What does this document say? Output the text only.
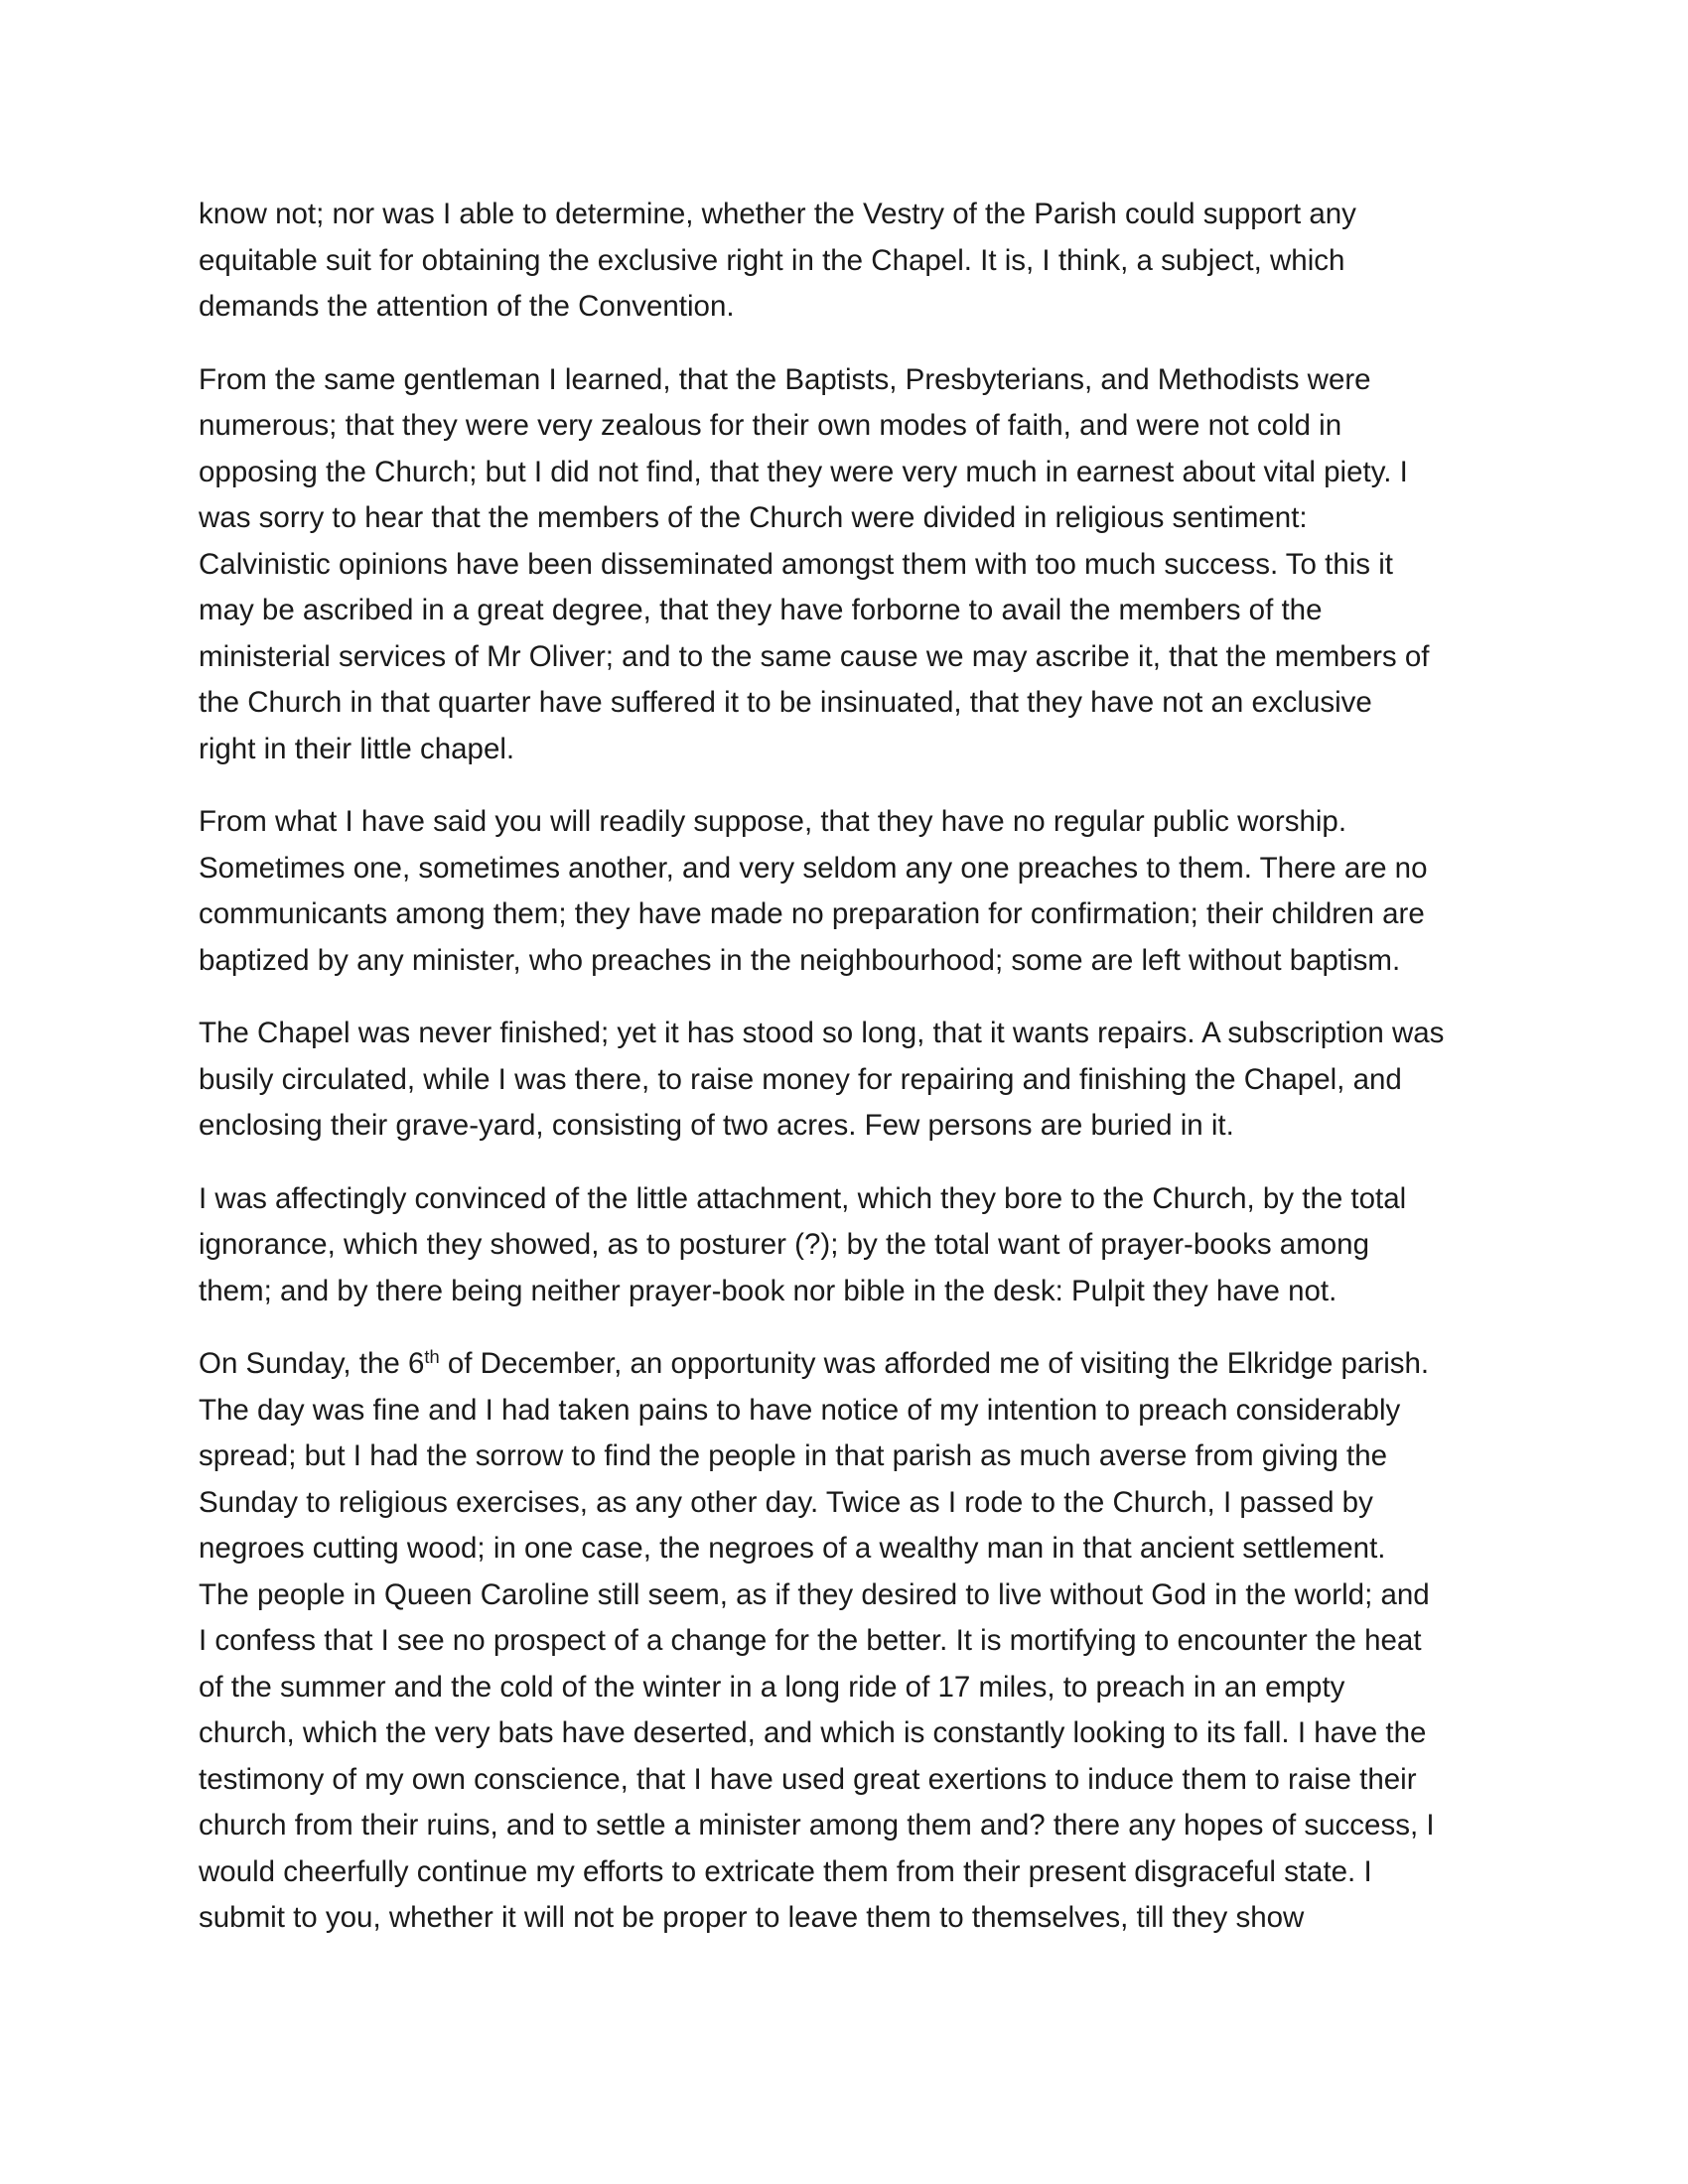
know not; nor was I able to determine, whether the Vestry of the Parish could support any
equitable suit for obtaining the exclusive right in the Chapel. It is, I think, a subject, which
demands the attention of the Convention.

From the same gentleman I learned, that the Baptists, Presbyterians, and Methodists were
numerous; that they were very zealous for their own modes of faith, and were not cold in
opposing the Church; but I did not find, that they were very much in earnest about vital piety. I
was sorry to hear that the members of the Church were divided in religious sentiment:
Calvinistic opinions have been disseminated amongst them with too much success. To this it
may be ascribed in a great degree, that they have forborne to avail the members of the
ministerial services of Mr Oliver; and to the same cause we may ascribe it, that the members of
the Church in that quarter have suffered it to be insinuated, that they have not an exclusive
right in their little chapel.

From what I have said you will readily suppose, that they have no regular public worship.
Sometimes one, sometimes another, and very seldom any one preaches to them. There are no
communicants among them; they have made no preparation for confirmation; their children are
baptized by any minister, who preaches in the neighbourhood; some are left without baptism.

The Chapel was never finished; yet it has stood so long, that it wants repairs. A subscription was
busily circulated, while I was there, to raise money for repairing and finishing the Chapel, and
enclosing their grave-yard, consisting of two acres. Few persons are buried in it.

I was affectingly convinced of the little attachment, which they bore to the Church, by the total
ignorance, which they showed, as to posturer (?); by the total want of prayer-books among
them; and by there being neither prayer-book nor bible in the desk: Pulpit they have not.

On Sunday, the 6th of December, an opportunity was afforded me of visiting the Elkridge parish.
The day was fine and I had taken pains to have notice of my intention to preach considerably
spread; but I had the sorrow to find the people in that parish as much averse from giving the
Sunday to religious exercises, as any other day. Twice as I rode to the Church, I passed by
negroes cutting wood; in one case, the negroes of a wealthy man in that ancient settlement.
The people in Queen Caroline still seem, as if they desired to live without God in the world; and
I confess that I see no prospect of a change for the better. It is mortifying to encounter the heat
of the summer and the cold of the winter in a long ride of 17 miles, to preach in an empty
church, which the very bats have deserted, and which is constantly looking to its fall. I have the
testimony of my own conscience, that I have used great exertions to induce them to raise their
church from their ruins, and to settle a minister among them and? there any hopes of success, I
would cheerfully continue my efforts to extricate them from their present disgraceful state. I
submit to you, whether it will not be proper to leave them to themselves, till they show
